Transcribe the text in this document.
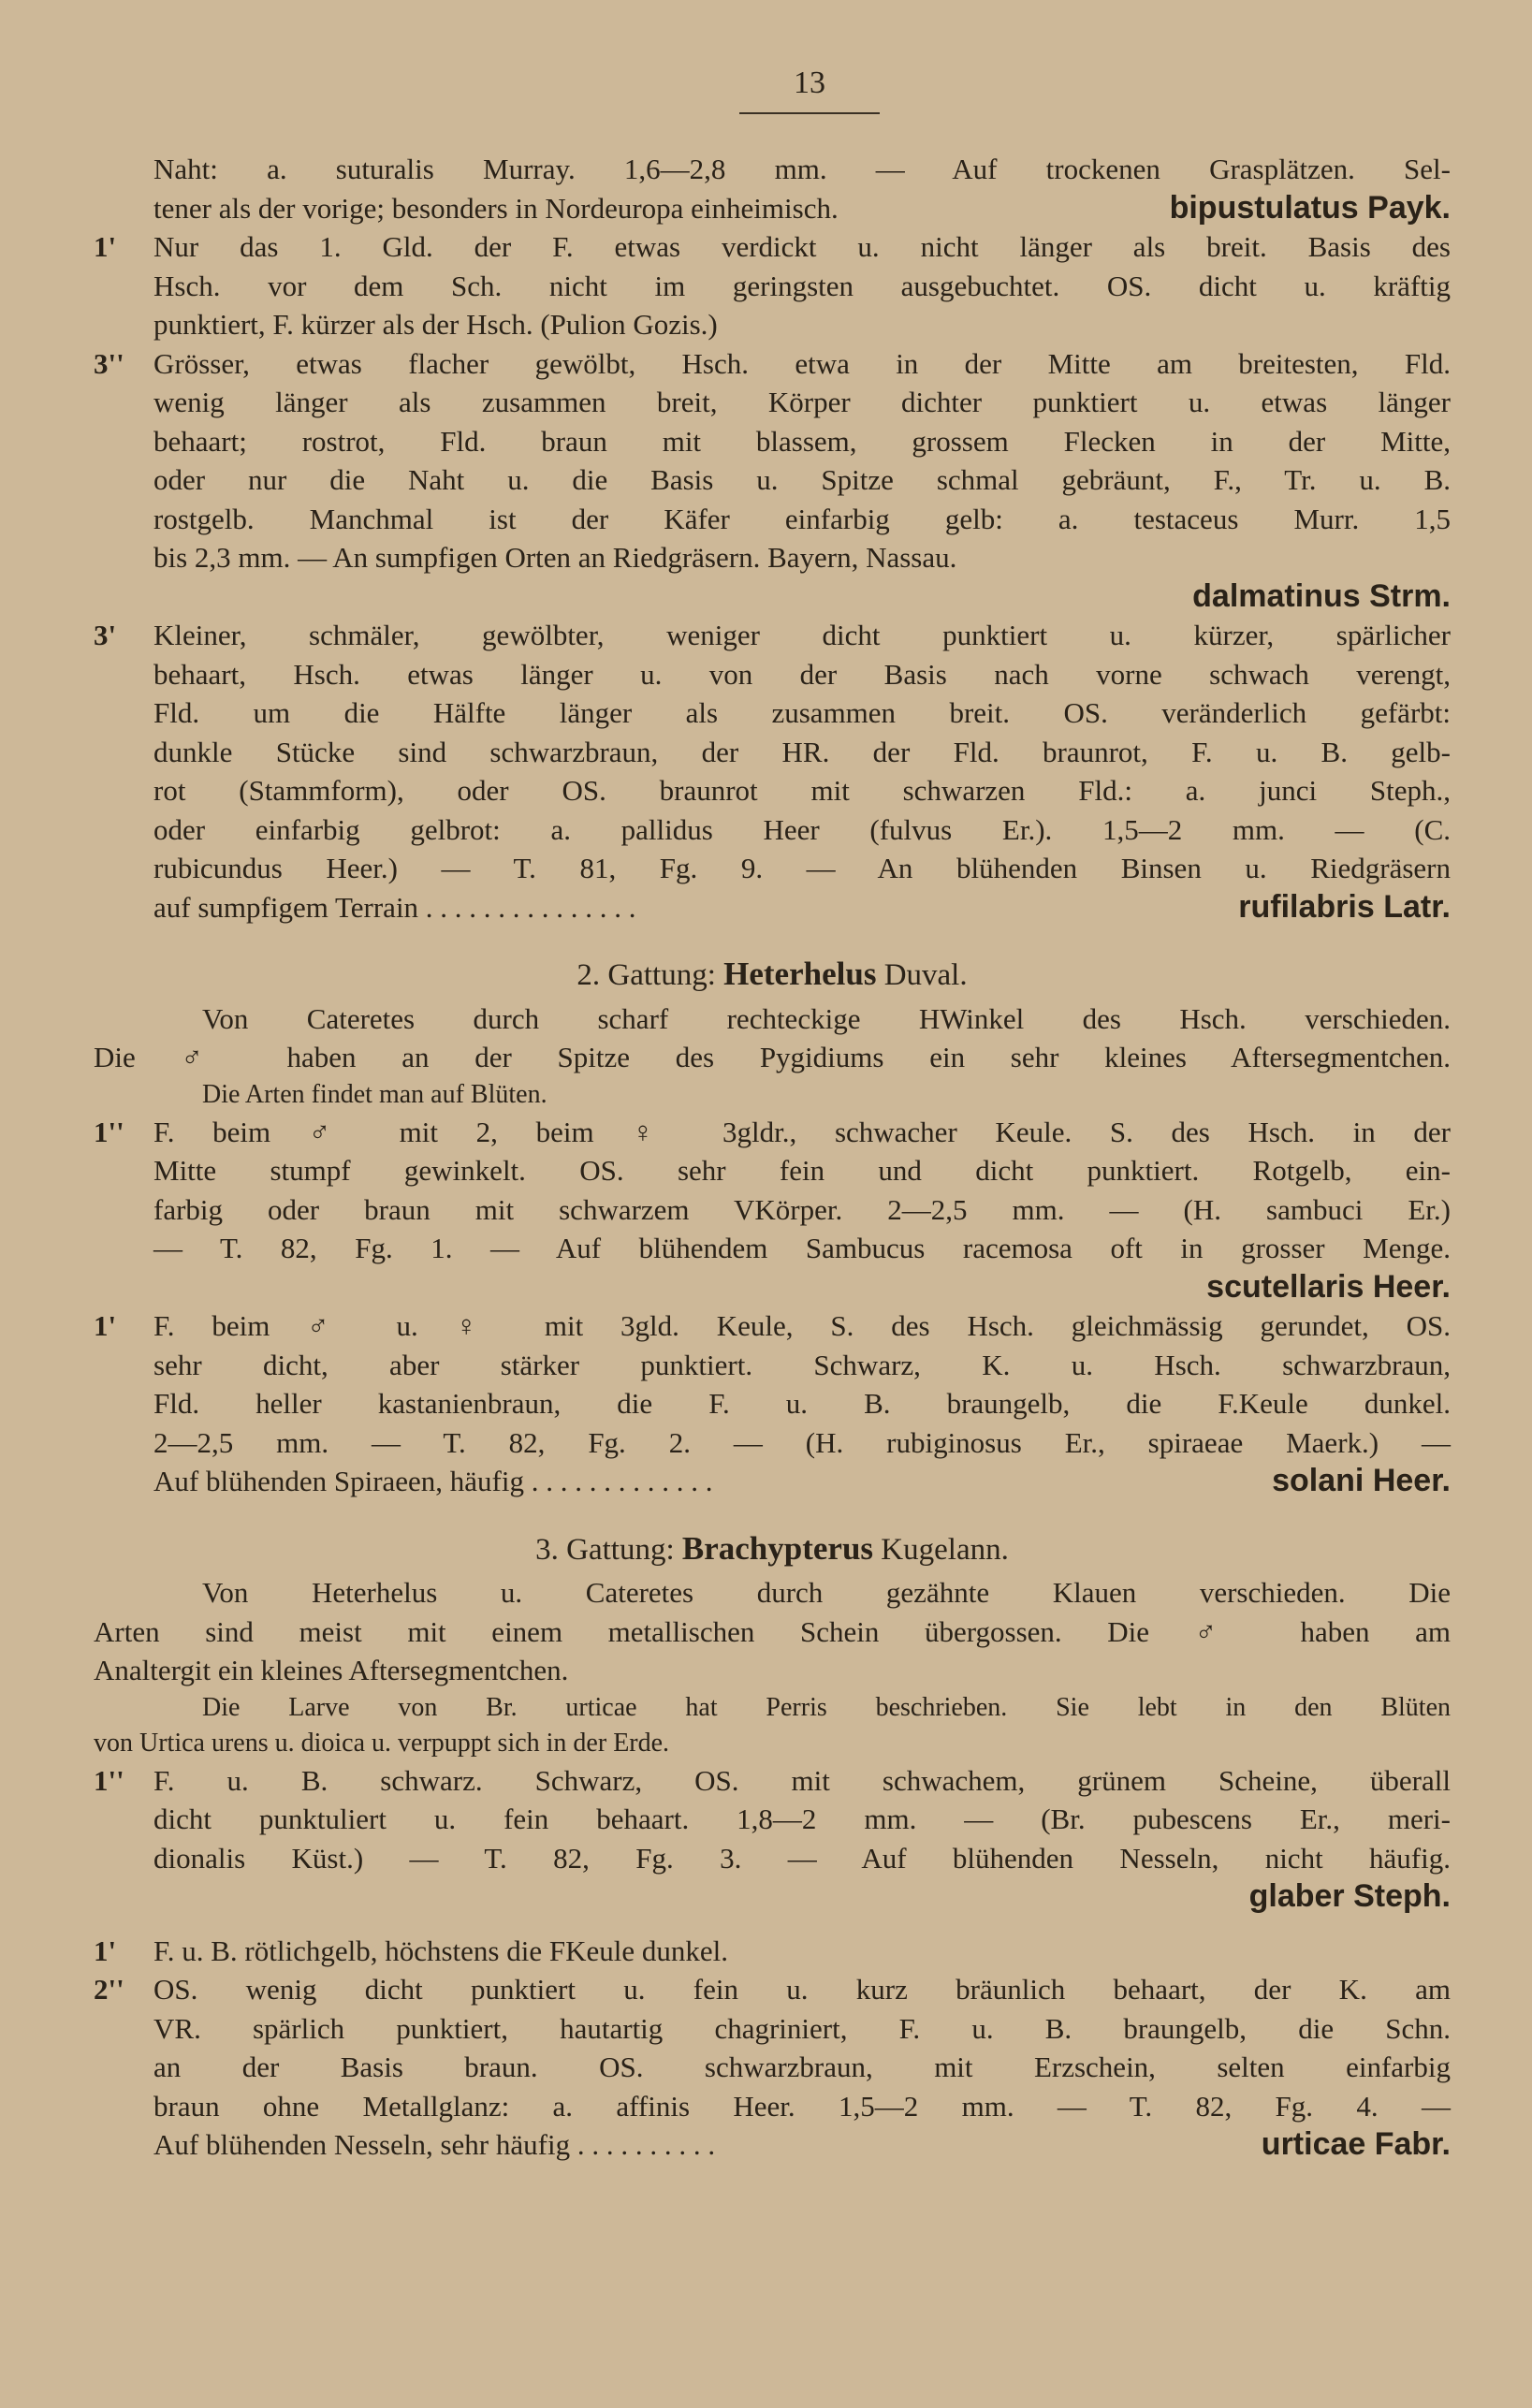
13
Naht: a. suturalis Murray. 1,6—2,8 mm. — Auf trockenen Grasplätzen. Sel-
tener als der vorige; besonders in Nordeuropa einheimisch.	bipustulatus Payk.
1' Nur das 1. Gld. der F. etwas verdickt u. nicht länger als breit. Basis des
Hsch. vor dem Sch. nicht im geringsten ausgebuchtet. OS. dicht u. kräftig
punktiert, F. kürzer als der Hsch. (Pulion Gozis.)
3'' Grösser, etwas flacher gewölbt, Hsch. etwa in der Mitte am breitesten, Fld.
wenig länger als zusammen breit, Körper dichter punktiert u. etwas länger
behaart; rostrot, Fld. braun mit blassem, grossem Flecken in der Mitte,
oder nur die Naht u. die Basis u. Spitze schmal gebräunt, F., Tr. u. B.
rostgelb. Manchmal ist der Käfer einfarbig gelb: a. testaceus Murr. 1,5
bis 2,3 mm. — An sumpfigen Orten an Riedgräsern. Bayern, Nassau.
dalmatinus Strm.
3' Kleiner, schmäler, gewölbter, weniger dicht punktiert u. kürzer, spärlicher
behaart, Hsch. etwas länger u. von der Basis nach vorne schwach verengt,
Fld. um die Hälfte länger als zusammen breit. OS. veränderlich gefärbt:
dunkle Stücke sind schwarzbraun, der HR. der Fld. braunrot, F. u. B. gelb-
rot (Stammform), oder OS. braunrot mit schwarzen Fld.: a. junci Steph.,
oder einfarbig gelbrot: a. pallidus Heer (fulvus Er.). 1,5—2 mm. — (C.
rubicundus Heer.) — T. 81, Fg. 9. — An blühenden Binsen u. Riedgräsern
auf sumpfigem Terrain . . . . . . . . . . . . . . .	rufilabris Latr.
2. Gattung: Heterhelus Duval.
Von Cateretes durch scharf rechteckige HWinkel des Hsch. verschieden.
Die ♂ haben an der Spitze des Pygidiums ein sehr kleines Aftersegmentchen.
Die Arten findet man auf Blüten.
1'' F. beim ♂ mit 2, beim ♀ 3gldr., schwacher Keule. S. des Hsch. in der
Mitte stumpf gewinkelt. OS. sehr fein und dicht punktiert. Rotgelb, ein-
farbig oder braun mit schwarzem VKörper. 2—2,5 mm. — (H. sambuci Er.)
— T. 82, Fg. 1. — Auf blühendem Sambucus racemosa oft in grosser Menge.
scutellaris Heer.
1' F. beim ♂ u. ♀ mit 3gld. Keule, S. des Hsch. gleichmässig gerundet, OS.
sehr dicht, aber stärker punktiert. Schwarz, K. u. Hsch. schwarzbraun,
Fld. heller kastanienbraun, die F. u. B. braungelb, die F.Keule dunkel.
2—2,5 mm. — T. 82, Fg. 2. — (H. rubiginosus Er., spiraeae Maerk.) —
Auf blühenden Spiraeen, häufig . . . . . . . . . . . . .	solani Heer.
3. Gattung: Brachypterus Kugelann.
Von Heterhelus u. Cateretes durch gezähnte Klauen verschieden. Die
Arten sind meist mit einem metallischen Schein übergossen. Die ♂ haben am
Analtergit ein kleines Aftersegmentchen.
Die Larve von Br. urticae hat Perris beschrieben. Sie lebt in den Blüten
von Urtica urens u. dioica u. verpuppt sich in der Erde.
1'' F. u. B. schwarz. Schwarz, OS. mit schwachem, grünem Scheine, überall
dicht punktuliert u. fein behaart. 1,8—2 mm. — (Br. pubescens Er., meri-
dionalis Küst.) — T. 82, Fg. 3. — Auf blühenden Nesseln, nicht häufig.
glaber Steph.
1' F. u. B. rötlichgelb, höchstens die FKeule dunkel.
2'' OS. wenig dicht punktiert u. fein u. kurz bräunlich behaart, der K. am
VR. spärlich punktiert, hautartig chagriniert, F. u. B. braungelb, die Schn.
an der Basis braun. OS. schwarzbraun, mit Erzschein, selten einfarbig
braun ohne Metallglanz: a. affinis Heer. 1,5—2 mm. — T. 82, Fg. 4. —
Auf blühenden Nesseln, sehr häufig . . . . . . . . . .	urticae Fabr.
